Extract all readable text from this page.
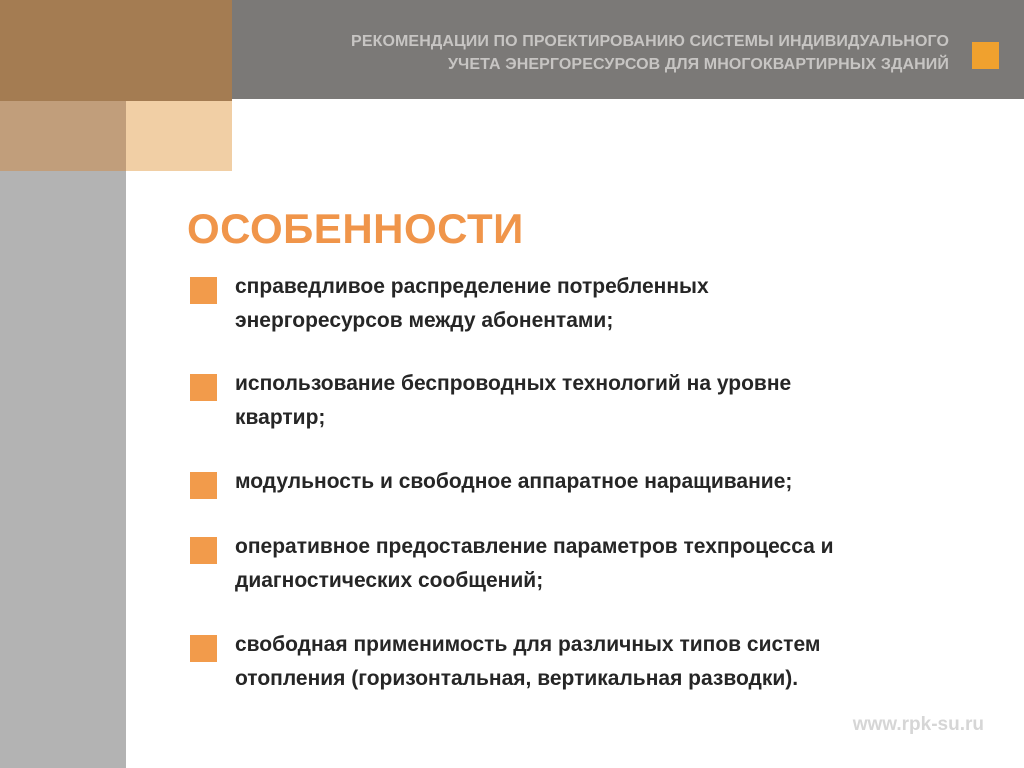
РЕКОМЕНДАЦИИ ПО ПРОЕКТИРОВАНИЮ СИСТЕМЫ ИНДИВИДУАЛЬНОГО
УЧЕТА ЭНЕРГОРЕСУРСОВ ДЛЯ МНОГОКВАРТИРНЫХ ЗДАНИЙ
ОСОБЕННОСТИ
справедливое распределение потребленных
энергоресурсов между абонентами;
использование беспроводных технологий на уровне
квартир;
модульность и свободное аппаратное наращивание;
оперативное предоставление параметров техпроцесса и
диагностических сообщений;
свободная применимость для различных типов систем
отопления (горизонтальная, вертикальная разводки).
www.rpk-su.ru
